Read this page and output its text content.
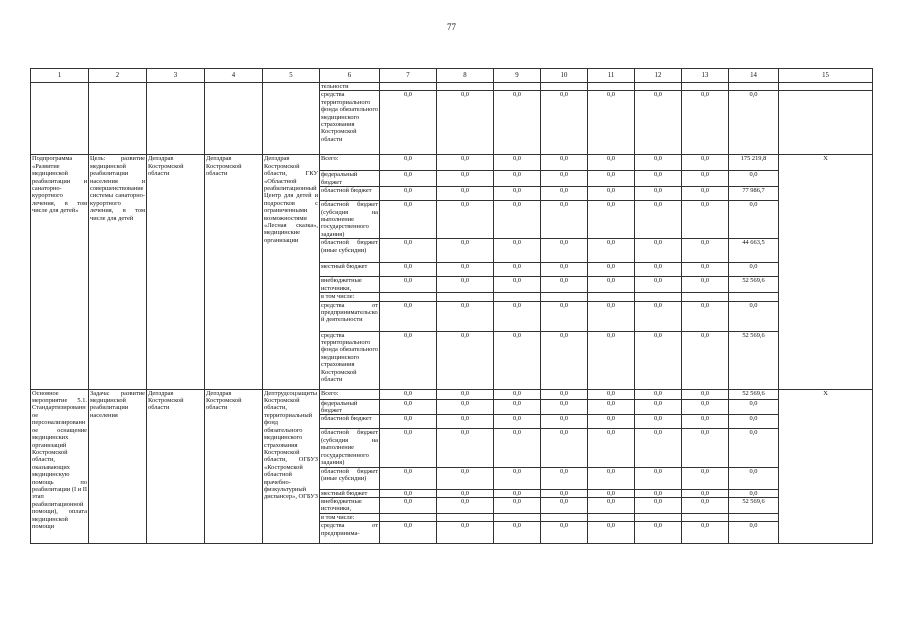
77
1	2	3	4	5	6	7	8	9	10	11	12	13	14	15
					тельности									
					средства территориального фонда обязательного медицинского страхования Костромской области	0,0	0,0	0,0	0,0	0,0	0,0	0,0	0,0	
Подпрограмма «Развитие медицинской реабилитации и санаторно-курортного лечения, в том числе для детей»	Цель: развитие медицинской реабилитации населения и совершенствование системы санаторно-курортного лечения, в том числе для детей	Депздрав Костромской области	Депздрав Костромской области	Депздрав Костромской области, ГКУ «Областной реабилитационный Центр для детей и подростков с ограниченными возможностями «Лесная сказка», медицинские организации	Всего:	0,0	0,0	0,0	0,0	0,0	0,0	0,0	175 219,8	X
					федеральный бюджет	0,0	0,0	0,0	0,0	0,0	0,0	0,0	0,0	
					областной бюджет	0,0	0,0	0,0	0,0	0,0	0,0	0,0	77 986,7	
					областной бюджет (субсидия на выполнение государственного задания)	0,0	0,0	0,0	0,0	0,0	0,0	0,0	0,0	
					областной бюджет (иные субсидии)	0,0	0,0	0,0	0,0	0,0	0,0	0,0	44 663,5	
					местный бюджет	0,0	0,0	0,0	0,0	0,0	0,0	0,0	0,0	
					внебюджетные источники,	0,0	0,0	0,0	0,0	0,0	0,0	0,0	52 569,6	
					в том числе:									
					средства от предпринимательской деятельности	0,0	0,0	0,0	0,0	0,0	0,0	0,0	0,0	
					средства территориального фонда обязательного медицинского страхования Костромской области	0,0	0,0	0,0	0,0	0,0	0,0	0,0	52 569,6	
Основное мероприятие 5.1. Стандартизированное персонализированное оснащение медицинских организаций Костромской области, оказывающих медицинскую помощь по реабилитации (I и II этап реабилитационной помощи), оплата медицинской помощи	Задача: развитие медицинской реабилитации населения	Депздрав Костромской области	Депздрав Костромской области	Дептрудсоцзащиты Костромской области, территориальный фонд обязательного медицинского страхования Костромской области, ОГБУЗ «Костромской областной врачебно-физкультурный диспансер», ОГБУЗ	Всего:	0,0	0,0	0,0	0,0	0,0	0,0	0,0	52 569,6	X
					федеральный бюджет	0,0	0,0	0,0	0,0	0,0	0,0	0,0	0,0	
					областной бюджет	0,0	0,0	0,0	0,0	0,0	0,0	0,0	0,0	
					областной бюджет (субсидия на выполнение государственного задания)	0,0	0,0	0,0	0,0	0,0	0,0	0,0	0,0	
					областной бюджет (иные субсидии)	0,0	0,0	0,0	0,0	0,0	0,0	0,0	0,0	
					местный бюджет	0,0	0,0	0,0	0,0	0,0	0,0	0,0	0,0	
					внебюджетные источники,	0,0	0,0	0,0	0,0	0,0	0,0	0,0	52 569,6	
					в том числе:									
					средства от предпринима-	0,0	0,0	0,0	0,0	0,0	0,0	0,0	0,0	
